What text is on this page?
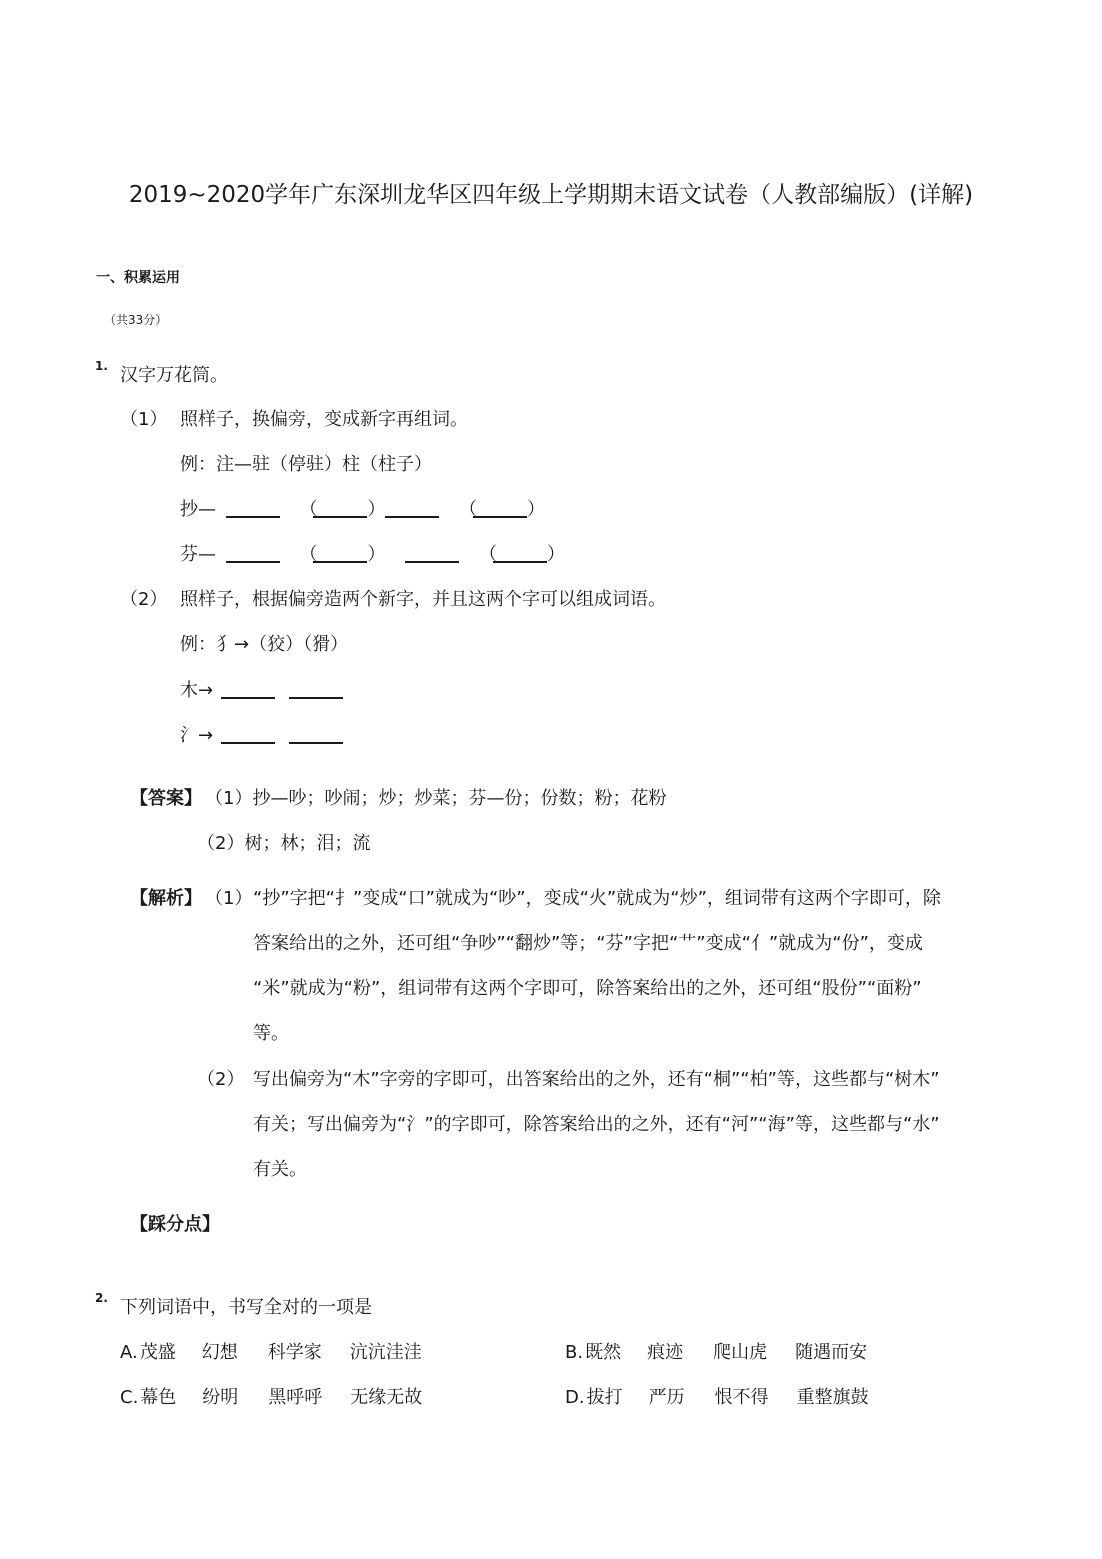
2019~2020学年广东深圳龙华区四年级上学期期末语文试卷（人教部编版）(详解)
一、积累运用
（共33分）
1. 汉字万花筒。
（1） 照样子，换偏旁，变成新字再组词。
例：注—驻（停驻）柱（柱子）
抄—	（	）	（	）
芬—	（	）	（	）
（2） 照样子，根据偏旁造两个新字，并且这两个字可以组成词语。
例：犭→（狡）（猾）
木→
氵→
【答案】 （1）抄—吵；吵闹；炒；炒菜；芬—份；份数；粉；花粉
（2）树；林；泪；流
【解析】 （1） “抄”字把“扌”变成“口”就成为“吵”，变成“火”就成为“炒”，组词带有这两个字即可，除
答案给出的之外，还可组“争吵”“翻炒”等；“芬”字把“艹”变成“亻”就成为“份”，变成
“米”就成为“粉”，组词带有这两个字即可，除答案给出的之外，还可组“股份”“面粉”
等。
（2） 写出偏旁为“木”字旁的字即可，出答案给出的之外，还有“桐”“柏”等，这些都与“树木”
有关；写出偏旁为“氵”的字即可，除答案给出的之外，还有“河”“海”等，这些都与“水”
有关。
【踩分点】
2. 下列词语中，书写全对的一项是
A. 茂盛 幻想 科学家 沆沆洼洼	B. 既然 痕迹 爬山虎 随遇而安
C. 幕色 纷明 黑呼呼 无缘无故	D. 拔打 严历 恨不得 重整旗鼓
